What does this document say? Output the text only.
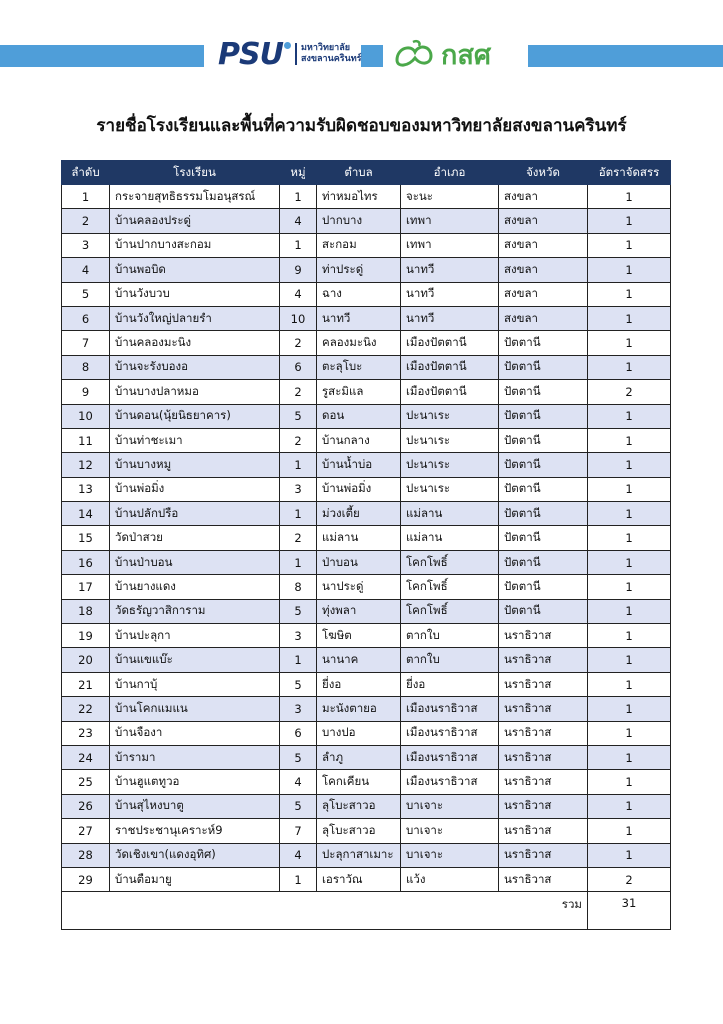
PSU มหาวิทยาลัย
สงขลานครินทร์	กสศ
รายชื่อโรงเรียนและพื้นที่ความรับผิดชอบของมหาวิทยาลัยสงขลานครินทร์
ลำดับ	โรงเรียน	หมู่	ตำบล	อำเภอ	จังหวัด	อัตราจัดสรร
1	กระจายสุทธิธรรมโมอนุสรณ์	1	ท่าหมอไทร	จะนะ	สงขลา	1
2	บ้านคลองประดู่	4	ปากบาง	เทพา	สงขลา	1
3	บ้านปากบางสะกอม	1	สะกอม	เทพา	สงขลา	1
4	บ้านพอบิด	9	ท่าประดู่	นาทวี	สงขลา	1
5	บ้านวังบวบ	4	ฉาง	นาทวี	สงขลา	1
6	บ้านวังใหญ่ปลายรำ	10	นาทวี	นาทวี	สงขลา	1
7	บ้านคลองมะนิง	2	คลองมะนิง	เมืองปัตตานี	ปัตตานี	1
8	บ้านจะรังบองอ	6	ตะลุโบะ	เมืองปัตตานี	ปัตตานี	1
9	บ้านบางปลาหมอ	2	รูสะมิแล	เมืองปัตตานี	ปัตตานี	2
10	บ้านดอน(นุ้ยนิธยาคาร)	5	ดอน	ปะนาเระ	ปัตตานี	1
11	บ้านท่าชะเมา	2	บ้านกลาง	ปะนาเระ	ปัตตานี	1
12	บ้านบางหมู	1	บ้านน้ำบ่อ	ปะนาเระ	ปัตตานี	1
13	บ้านพ่อมิ่ง	3	บ้านพ่อมิ่ง	ปะนาเระ	ปัตตานี	1
14	บ้านปลักปรือ	1	ม่วงเตี้ย	แม่ลาน	ปัตตานี	1
15	วัดป่าสวย	2	แม่ลาน	แม่ลาน	ปัตตานี	1
16	บ้านป่าบอน	1	ป่าบอน	โคกโพธิ์	ปัตตานี	1
17	บ้านยางแดง	8	นาประดู่	โคกโพธิ์	ปัตตานี	1
18	วัดธรัญวาสิการาม	5	ทุ่งพลา	โคกโพธิ์	ปัตตานี	1
19	บ้านปะลุกา	3	โฆษิต	ตากใบ	นราธิวาส	1
20	บ้านแขแบ๊ะ	1	นานาค	ตากใบ	นราธิวาส	1
21	บ้านกาบุ้	5	ยี่งอ	ยี่งอ	นราธิวาส	1
22	บ้านโคกแมแน	3	มะนังตายอ	เมืองนราธิวาส	นราธิวาส	1
23	บ้านจืองา	6	บางปอ	เมืองนราธิวาส	นราธิวาส	1
24	บ้ารามา	5	ลำภู	เมืองนราธิวาส	นราธิวาส	1
25	บ้านฮูแตทูวอ	4	โคกเคียน	เมืองนราธิวาส	นราธิวาส	1
26	บ้านสุไหงบาตู	5	ลุโบะสาวอ	บาเจาะ	นราธิวาส	1
27	ราชประชานุเคราะห์9	7	ลุโบะสาวอ	บาเจาะ	นราธิวาส	1
28	วัดเชิงเขา(แดงอุทิศ)	4	ปะลุกาสาเมาะ	บาเจาะ	นราธิวาส	1
29	บ้านตือมายู	1	เอราวัณ	แว้ง	นราธิวาส	2
รวม						31
